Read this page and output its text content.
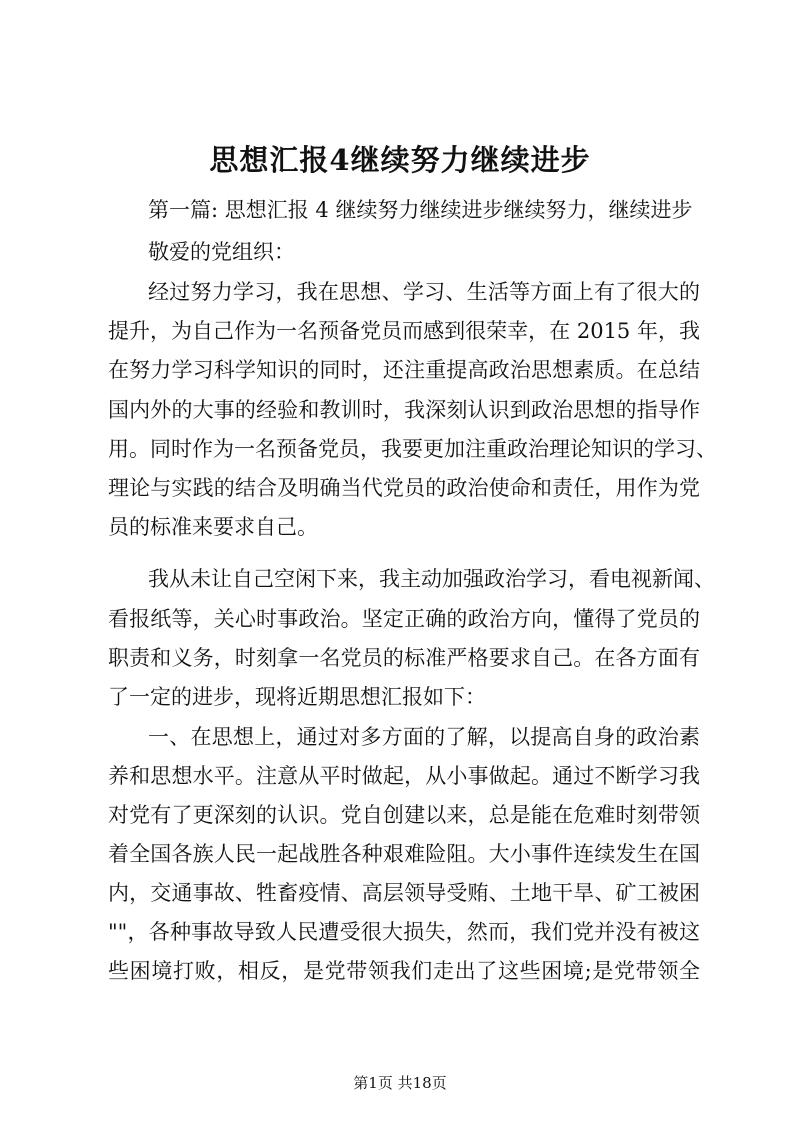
思想汇报4继续努力继续进步
第一篇: 思想汇报 4 继续努力继续进步继续努力，继续进步
敬爱的党组织：
经过努力学习，我在思想、学习、生活等方面上有了很大的
提升，为自己作为一名预备党员而感到很荣幸，在 2015 年，我
在努力学习科学知识的同时，还注重提高政治思想素质。在总结
国内外的大事的经验和教训时，我深刻认识到政治思想的指导作
用。同时作为一名预备党员，我要更加注重政治理论知识的学习、
理论与实践的结合及明确当代党员的政治使命和责任，用作为党
员的标准来要求自己。
我从未让自己空闲下来，我主动加强政治学习，看电视新闻、
看报纸等，关心时事政治。坚定正确的政治方向，懂得了党员的
职责和义务，时刻拿一名党员的标准严格要求自己。在各方面有
了一定的进步，现将近期思想汇报如下：
一、在思想上，通过对多方面的了解，以提高自身的政治素
养和思想水平。注意从平时做起，从小事做起。通过不断学习我
对党有了更深刻的认识。党自创建以来，总是能在危难时刻带领
着全国各族人民一起战胜各种艰难险阻。大小事件连续发生在国
内，交通事故、牲畜疫情、高层领导受贿、土地干旱、矿工被困
""，各种事故导致人民遭受很大损失，然而，我们党并没有被这
些困境打败，相反，是党带领我们走出了这些困境;是党带领全
第1页 共18页
